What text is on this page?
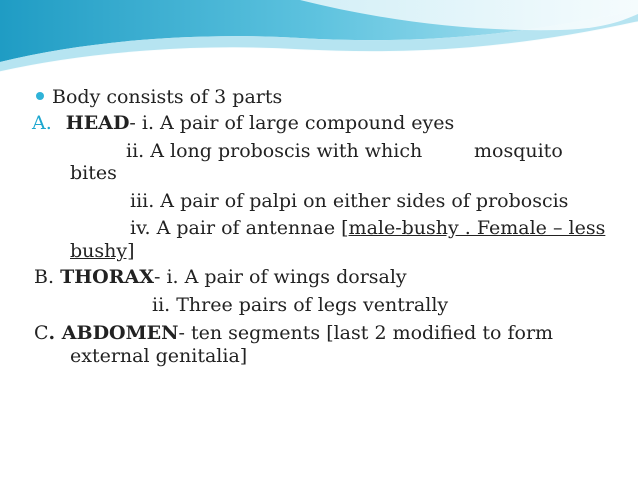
Body consists of 3 parts
A. HEAD- i. A pair of large compound eyes
ii. A long proboscis with which	mosquito
bites
iii. A pair of palpi on either sides of proboscis
iv. A pair of antennae [male-bushy . Female – less
bushy]
B. THORAX- i. A pair of wings dorsaly
ii. Three pairs of legs ventrally
C. ABDOMEN- ten segments [last 2 modified to form
external genitalia]
